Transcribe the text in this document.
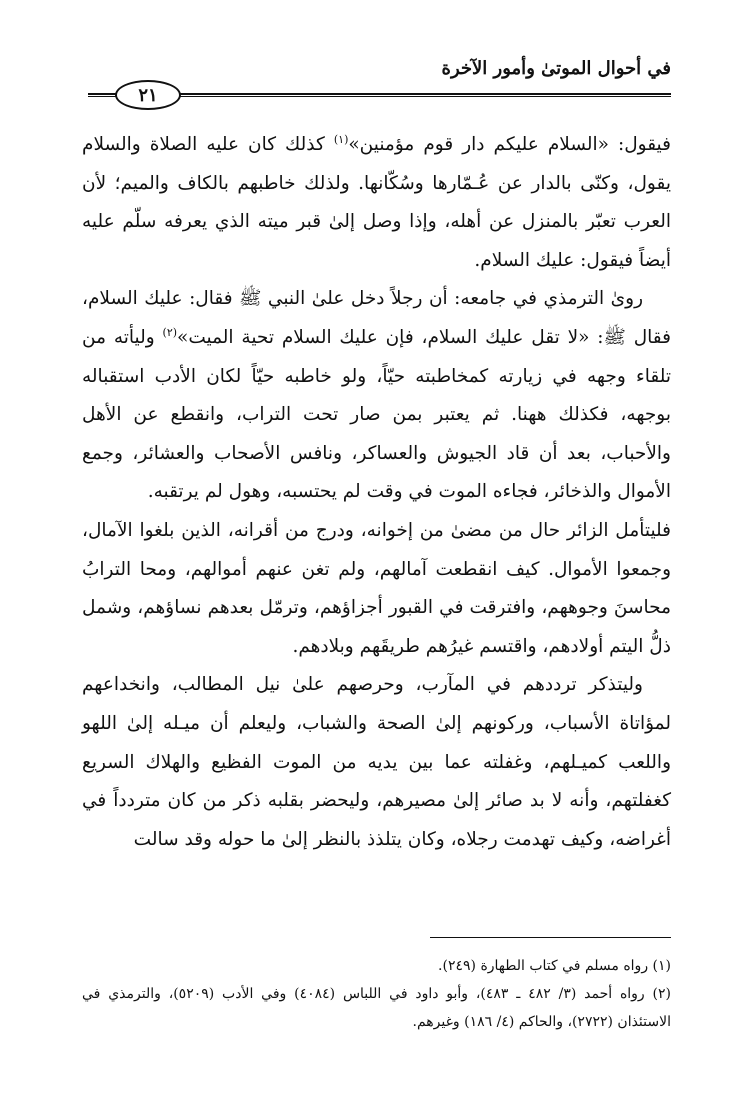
في أحوال الموتىٰ وأمور الآخرة
٢١

فيقول: «السلام عليكم دار قوم مؤمنين»$^{(١)}$ كذلك كان عليه الصلاة والسلام يقول، وكنّى بالدار عن عُـمّارها وسُكّانها. ولذلك خاطبهم بالكاف والميم؛ لأن العرب تعبّر بالمنزل عن أهله، وإذا وصل إلىٰ قبر ميته الذي يعرفه سلّم عليه أيضاً فيقول: عليك السلام.

روىٰ الترمذي في جامعه: أن رجلاً دخل علىٰ النبي ﷺ فقال: عليك السلام، فقال ﷺ: «لا تقل عليك السلام، فإن عليك السلام تحية الميت»$^{(٢)}$ وليأته من تلقاء وجهه في زيارته كمخاطبته حيّاً، ولو خاطبه حيّاً لكان الأدب استقباله بوجهه، فكذلك ههنا. ثم يعتبر بمن صار تحت التراب، وانقطع عن الأهل والأحباب، بعد أن قاد الجيوش والعساكر، ونافس الأصحاب والعشائر، وجمع الأموال والذخائر، فجاءه الموت في وقت لم يحتسبه، وهول لم يرتقبه.

فليتأمل الزائر حال من مضىٰ من إخوانه، ودرج من أقرانه، الذين بلغوا الآمال، وجمعوا الأموال. كيف انقطعت آمالهم، ولم تغن عنهم أموالهم، ومحا الترابُ محاسنَ وجوههم، وافترقت في القبور أجزاؤهم، وترمّل بعدهم نساؤهم، وشمل ذلُّ اليتم أولادهم، واقتسم غيرُهم طريقَهم وبلادهم.

وليتذكر ترددهم في المآرب، وحرصهم علىٰ نيل المطالب، وانخداعهم لمؤاتاة الأسباب، وركونهم إلىٰ الصحة والشباب، وليعلم أن ميـله إلىٰ اللهو واللعب كميـلهم، وغفلته عما بين يديه من الموت الفظيع والهلاك السريع كغفلتهم، وأنه لا بد صائر إلىٰ مصيرهم، وليحضر بقلبه ذكر من كان متردداً في أغراضه، وكيف تهدمت رجلاه، وكان يتلذذ بالنظر إلىٰ ما حوله وقد سالت

(١) رواه مسلم في كتاب الطهارة (٢٤٩).

(٢) رواه أحمد (٣/ ٤٨٢ ـ ٤٨٣)، وأبو داود في اللباس (٤٠٨٤) وفي الأدب (٥٢٠٩)، والترمذي في الاستئذان (٢٧٢٢)، والحاكم (٤/ ١٨٦) وغيرهم.
